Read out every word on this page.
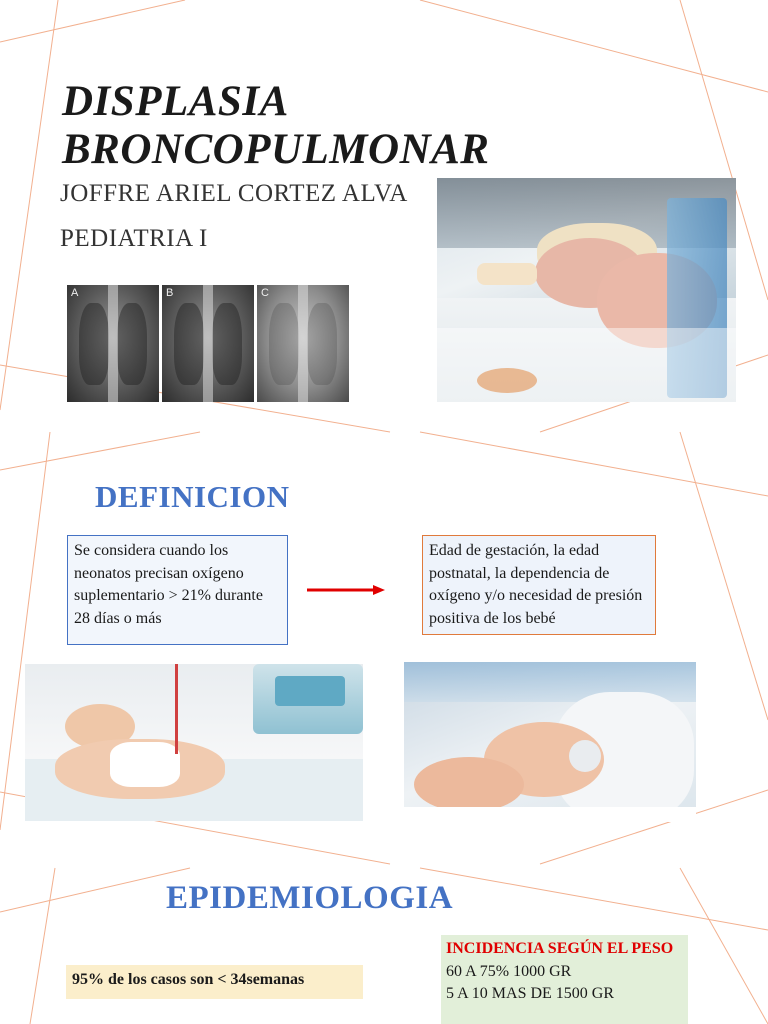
DISPLASIA
BRONCOPULMONAR
JOFFRE ARIEL CORTEZ ALVA
PEDIATRIA I
A	B	C
DEFINICION
Se considera cuando los neonatos precisan oxígeno suplementario > 21% durante 28 días o más
Edad de gestación, la edad postnatal, la dependencia de oxígeno y/o necesidad de presión positiva de los bebé
EPIDEMIOLOGIA
95% de los casos son < 34semanas
INCIDENCIA SEGÚN EL PESO
60 A 75% 1000 GR
5 A 10 MAS DE 1500 GR
